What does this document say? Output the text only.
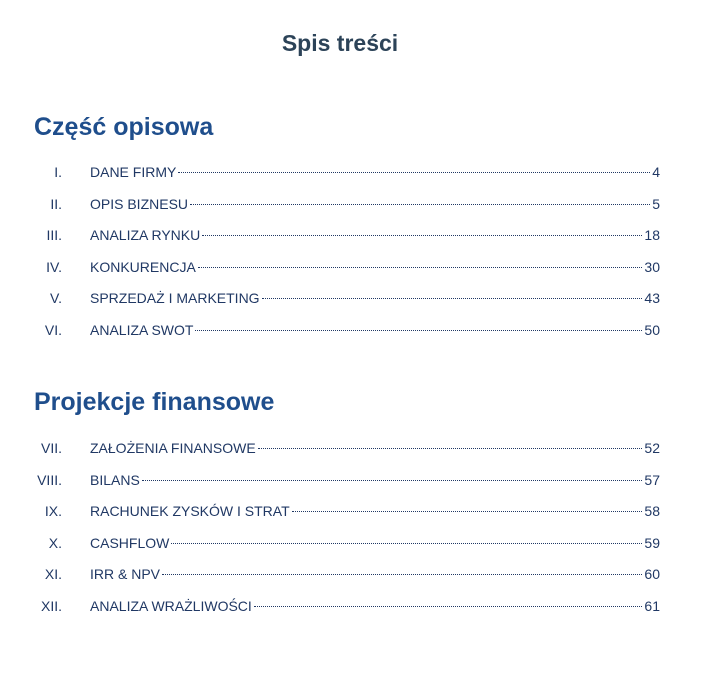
Spis treści
Część opisowa
I. DANE FIRMY	4
II. OPIS BIZNESU	5
III. ANALIZA RYNKU	18
IV. KONKURENCJA	30
V. SPRZEDAŻ I MARKETING	43
VI. ANALIZA SWOT	50
Projekcje finansowe
VII. ZAŁOŻENIA FINANSOWE	52
VIII. BILANS	57
IX. RACHUNEK ZYSKÓW I STRAT	58
X. CASHFLOW	59
XI. IRR & NPV	60
XII. ANALIZA WRAŻLIWOŚCI	61
